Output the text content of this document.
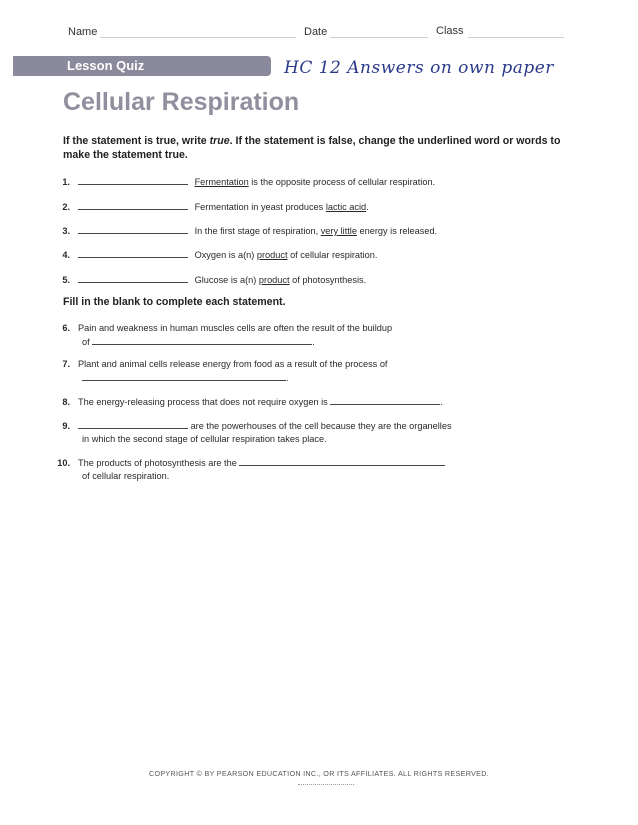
Name	Date	Class
Lesson Quiz	HC 12 Answers on own paper
Cellular Respiration
If the statement is true, write true. If the statement is false, change the underlined word or words to make the statement true.
1.	Fermentation is the opposite process of cellular respiration.
2.	Fermentation in yeast produces lactic acid.
3.	In the first stage of respiration, very little energy is released.
4.	Oxygen is a(n) product of cellular respiration.
5.	Glucose is a(n) product of photosynthesis.
Fill in the blank to complete each statement.
6. Pain and weakness in human muscles cells are often the result of the buildup
of	.
7. Plant and animal cells release energy from food as a result of the process of
.
8. The energy-releasing process that does not require oxygen is	.
9.	are the powerhouses of the cell because they are the organelles
in which the second stage of cellular respiration takes place.
10. The products of photosynthesis are the
of cellular respiration.
COPYRIGHT © BY PEARSON EDUCATION INC., OR ITS AFFILIATES. ALL RIGHTS RESERVED.
